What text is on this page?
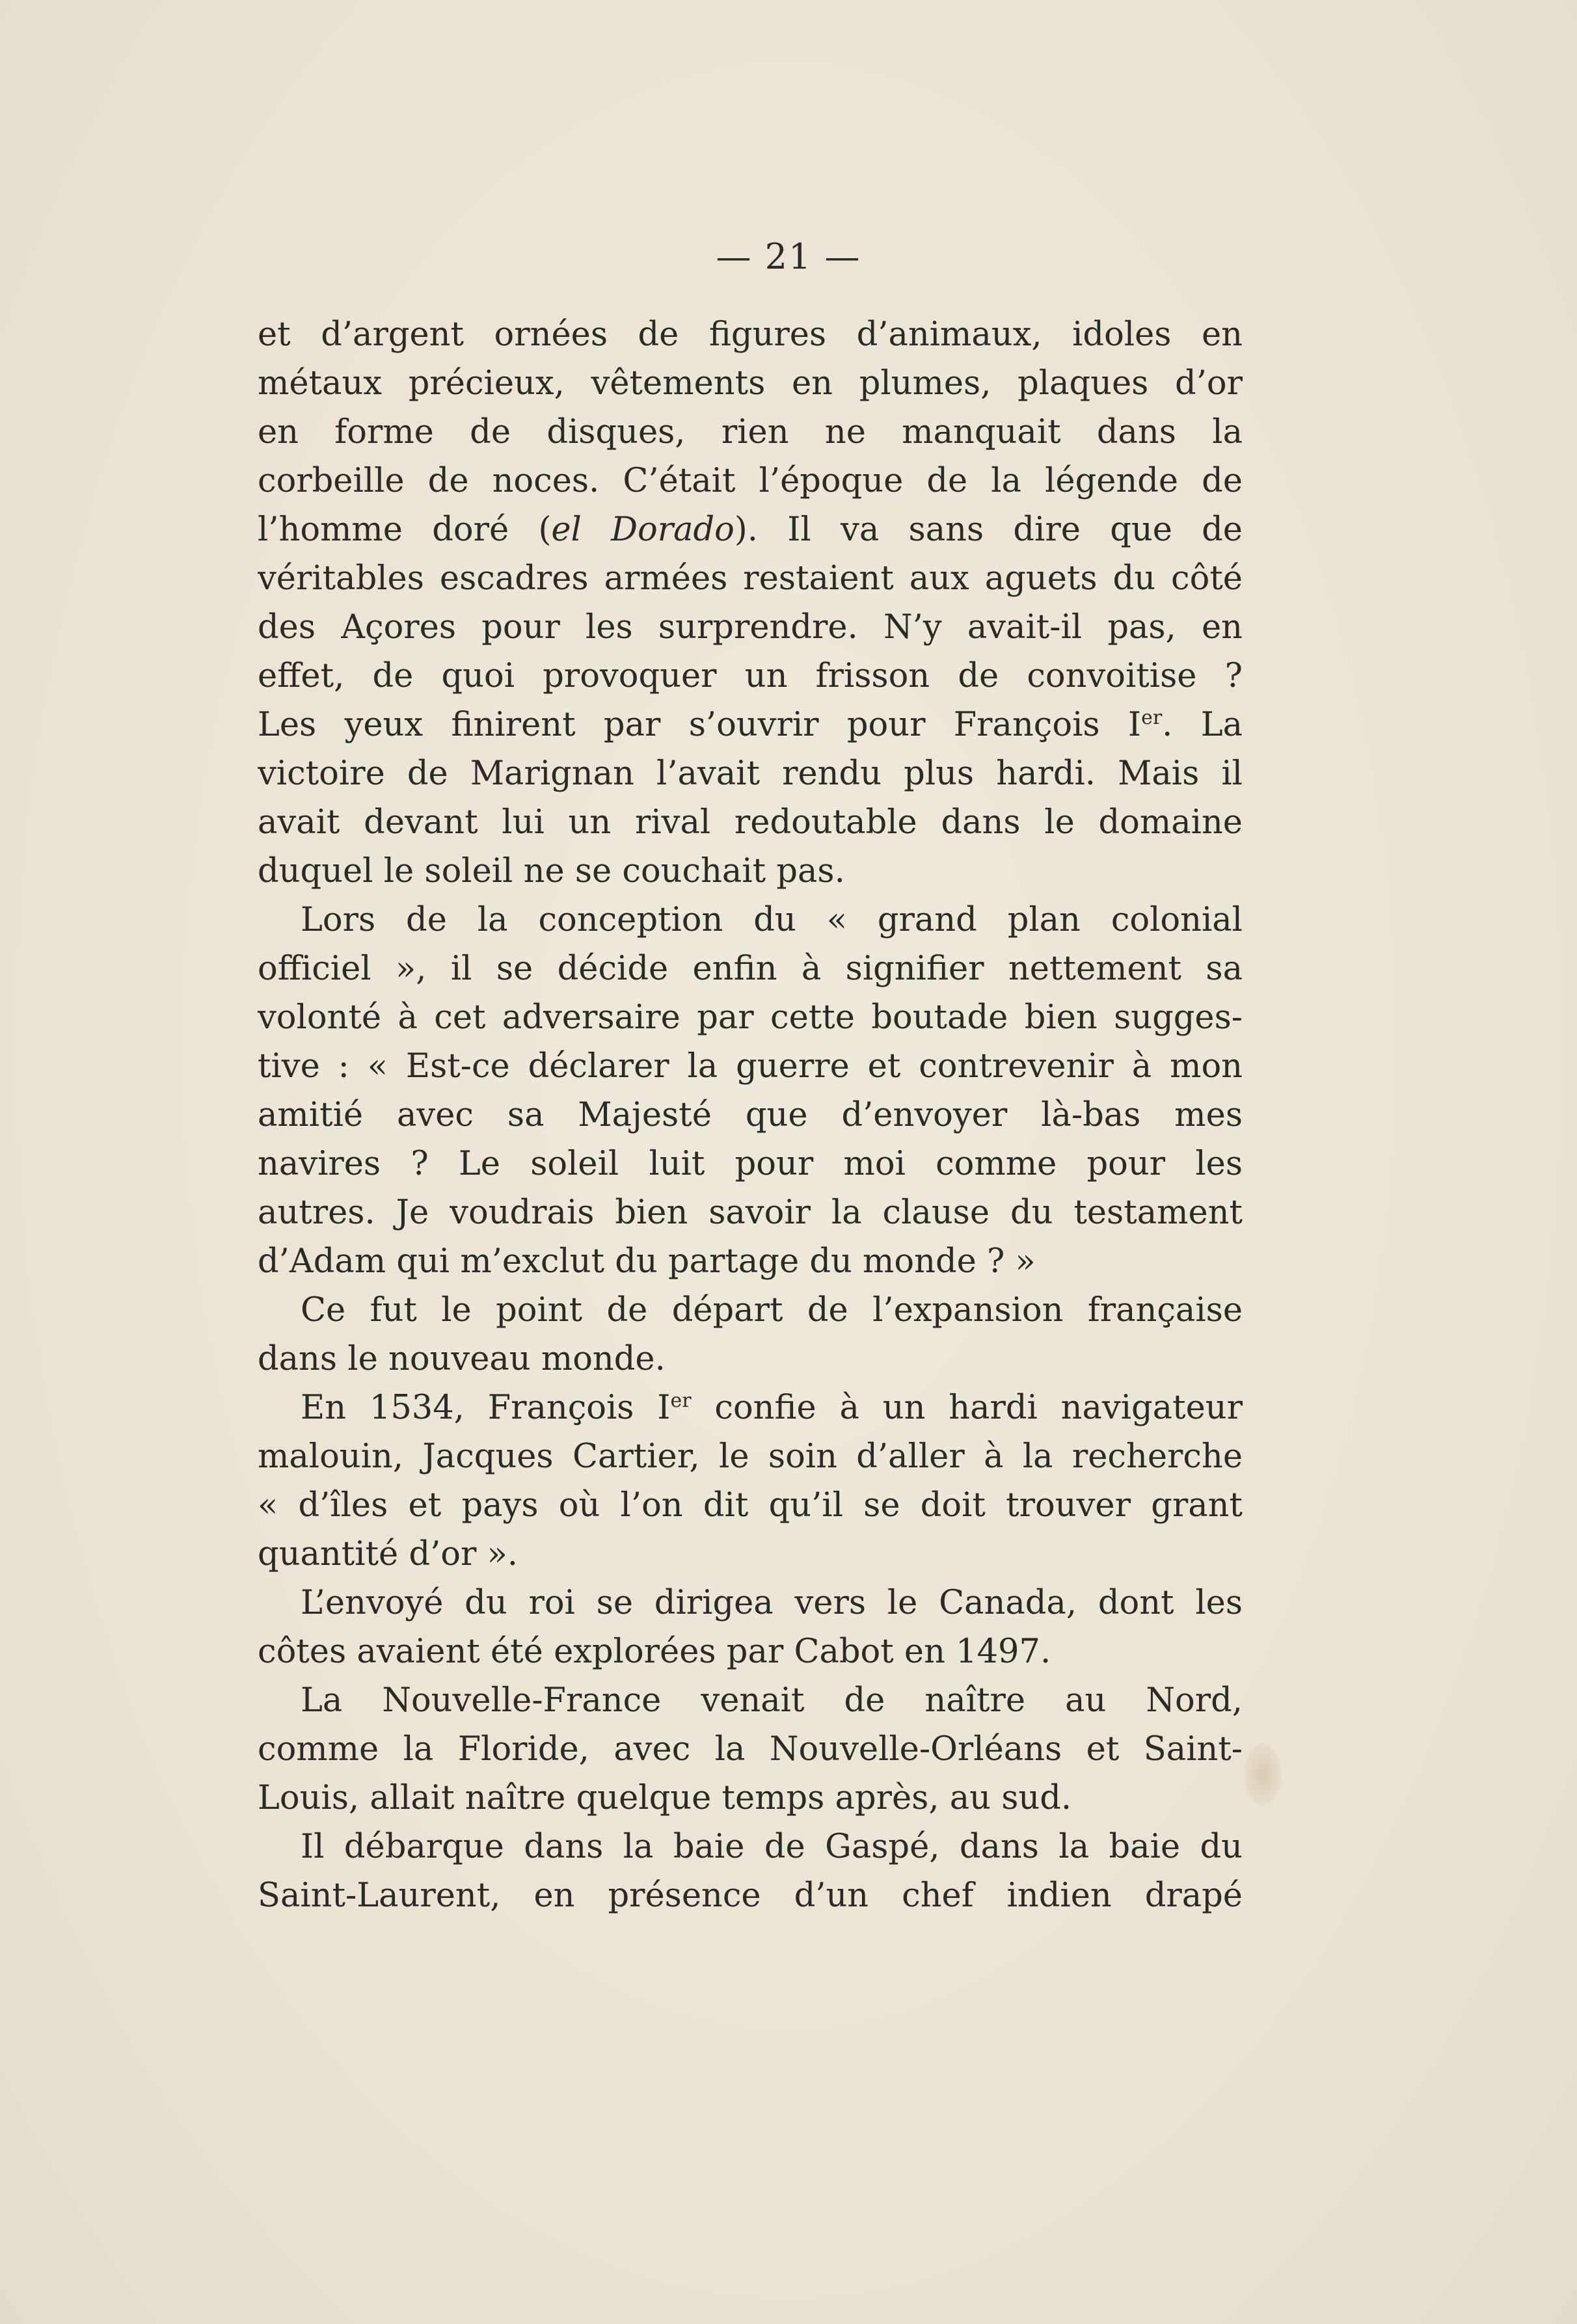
— 21 —
et d’argent ornées de figures d’animaux, idoles en
métaux précieux, vêtements en plumes, plaques d’or
en forme de disques, rien ne manquait dans la
corbeille de noces. C’était l’époque de la légende de
l’homme doré (el Dorado). Il va sans dire que de
véritables escadres armées restaient aux aguets du côté
des Açores pour les surprendre. N’y avait-il pas, en
effet, de quoi provoquer un frisson de convoitise ?
Les yeux finirent par s’ouvrir pour François Ier. La
victoire de Marignan l’avait rendu plus hardi. Mais il
avait devant lui un rival redoutable dans le domaine
duquel le soleil ne se couchait pas.
Lors de la conception du « grand plan colonial
officiel », il se décide enfin à signifier nettement sa
volonté à cet adversaire par cette boutade bien sugges-
tive : « Est-ce déclarer la guerre et contrevenir à mon
amitié avec sa Majesté que d’envoyer là-bas mes
navires ? Le soleil luit pour moi comme pour les
autres. Je voudrais bien savoir la clause du testament
d’Adam qui m’exclut du partage du monde ? »
Ce fut le point de départ de l’expansion française
dans le nouveau monde.
En 1534, François Ier confie à un hardi navigateur
malouin, Jacques Cartier, le soin d’aller à la recherche
« d’îles et pays où l’on dit qu’il se doit trouver grant
quantité d’or ».
L’envoyé du roi se dirigea vers le Canada, dont les
côtes avaient été explorées par Cabot en 1497.
La Nouvelle-France venait de naître au Nord,
comme la Floride, avec la Nouvelle-Orléans et Saint-
Louis, allait naître quelque temps après, au sud.
Il débarque dans la baie de Gaspé, dans la baie du
Saint-Laurent, en présence d’un chef indien drapé
